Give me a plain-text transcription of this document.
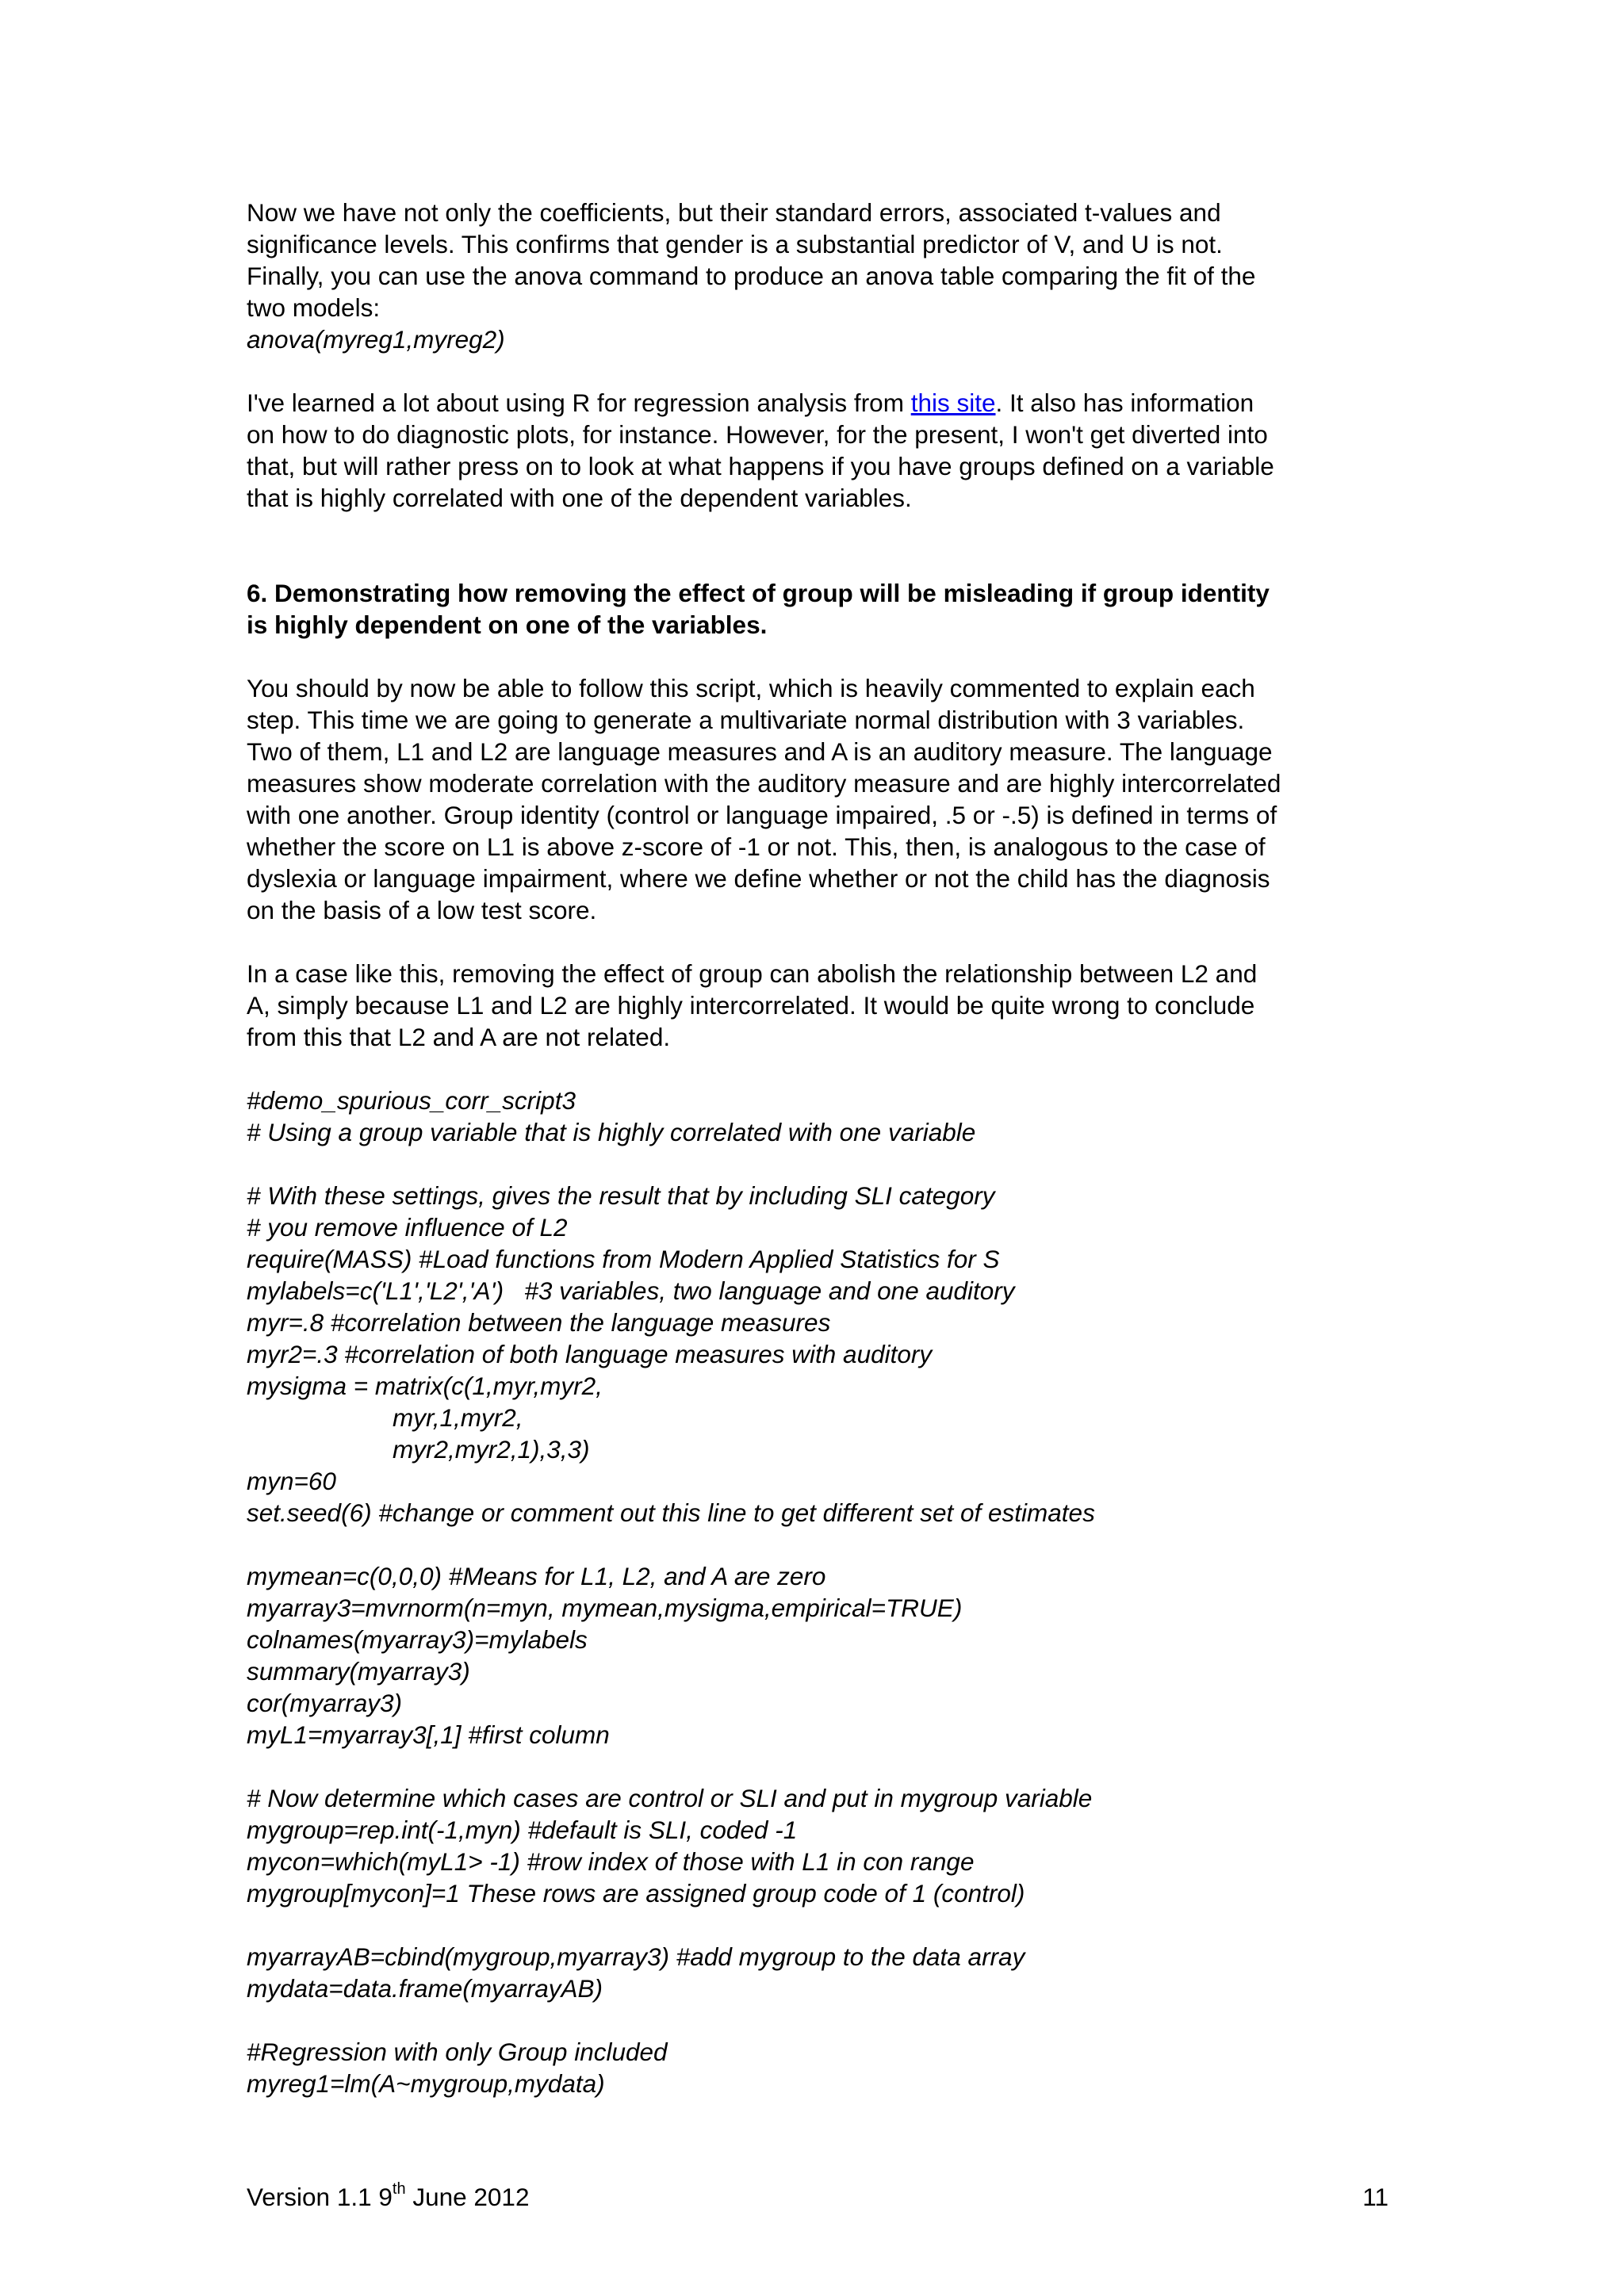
Now we have not only the coefficients, but their standard errors, associated t-values and

significance levels. This confirms that gender is a substantial predictor of V, and U is not.

Finally, you can use the anova command to produce an anova table comparing the fit of the

two models:

anova(myreg1,myreg2)

I've learned a lot about using R for regression analysis from this site. It also has information

on how to do diagnostic plots, for instance. However, for the present, I won't get diverted into

that, but will rather press on to look at what happens if you have groups defined on a variable

that is highly correlated with one of the dependent variables.

6. Demonstrating how removing the effect of group will be misleading if group identity

is highly dependent on one of the variables.

You should by now be able to follow this script, which is heavily commented to explain each

step. This time we are going to generate a multivariate normal distribution with 3 variables.

Two of them, L1 and L2 are language measures and A is an auditory measure. The language

measures show moderate correlation with the auditory measure and are highly intercorrelated

with one another. Group identity (control or language impaired, .5 or -.5) is defined in terms of

whether the score on L1 is above z-score of -1 or not. This, then, is analogous to the case of

dyslexia or language impairment, where we define whether or not the child has the diagnosis

on the basis of a low test score.

In a case like this, removing the effect of group can abolish the relationship between L2 and

A, simply because L1 and L2 are highly intercorrelated. It would be quite wrong to conclude

from this that L2 and A are not related.

#demo_spurious_corr_script3

# Using a group variable that is highly correlated with one variable

# With these settings, gives the result that by including SLI category

# you remove influence of L2

require(MASS) #Load functions from Modern Applied Statistics for S

mylabels=c('L1','L2','A')   #3 variables, two language and one auditory

myr=.8 #correlation between the language measures

myr2=.3 #correlation of both language measures with auditory

mysigma = matrix(c(1,myr,myr2,

myr,1,myr2,

myr2,myr2,1),3,3)

myn=60

set.seed(6) #change or comment out this line to get different set of estimates

mymean=c(0,0,0) #Means for L1, L2, and A are zero

myarray3=mvrnorm(n=myn, mymean,mysigma,empirical=TRUE)

colnames(myarray3)=mylabels

summary(myarray3)

cor(myarray3)

myL1=myarray3[,1] #first column

# Now determine which cases are control or SLI and put in mygroup variable

mygroup=rep.int(-1,myn) #default is SLI, coded -1

mycon=which(myL1> -1) #row index of those with L1 in con range

mygroup[mycon]=1 These rows are assigned group code of 1 (control)

myarrayAB=cbind(mygroup,myarray3) #add mygroup to the data array

mydata=data.frame(myarrayAB)

#Regression with only Group included

myreg1=lm(A~mygroup,mydata)

Version 1.1 9th June 2012	11
